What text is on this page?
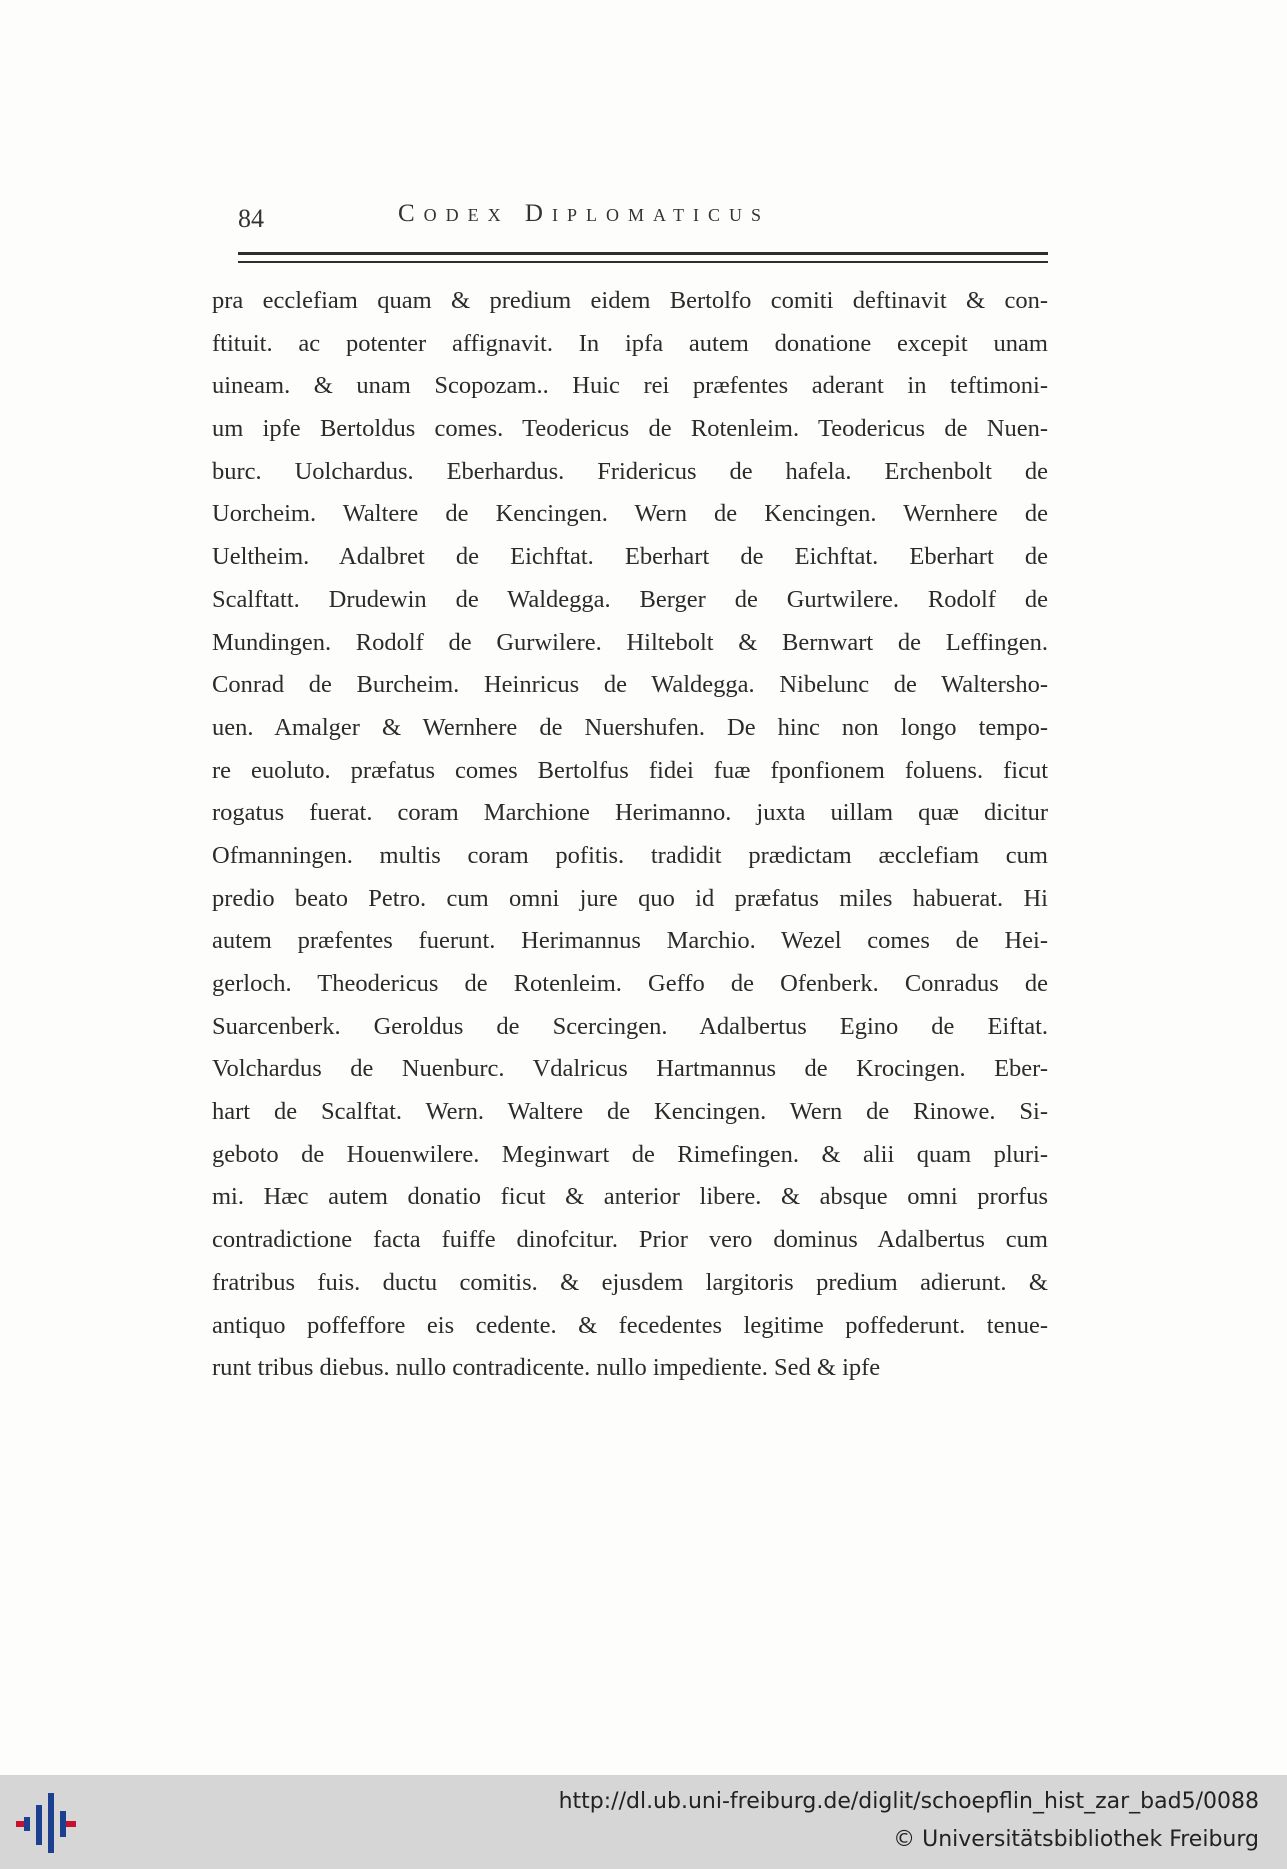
84	Codex Diplomaticus
pra ecclefiam quam & predium eidem Bertolfo comiti deftinavit & con-
ftituit. ac potenter affignavit. In ipfa autem donatione excepit unam
uineam. & unam Scopozam.. Huic rei præfentes aderant in teftimoni-
um ipfe Bertoldus comes. Teodericus de Rotenleim. Teodericus de Nuen-
burc. Uolchardus. Eberhardus. Fridericus de hafela. Erchenbolt de
Uorcheim. Waltere de Kencingen. Wern de Kencingen. Wernhere de
Ueltheim. Adalbret de Eichftat. Eberhart de Eichftat. Eberhart de
Scalftatt. Drudewin de Waldegga. Berger de Gurtwilere. Rodolf de
Mundingen. Rodolf de Gurwilere. Hiltebolt & Bernwart de Leffingen.
Conrad de Burcheim. Heinricus de Waldegga. Nibelunc de Waltersho-
uen. Amalger & Wernhere de Nuershufen. De hinc non longo tempo-
re euoluto. præfatus comes Bertolfus fidei fuæ fponfionem foluens. ficut
rogatus fuerat. coram Marchione Herimanno. juxta uillam quæ dicitur
Ofmanningen. multis coram pofitis. tradidit prædictam æcclefiam cum
predio beato Petro. cum omni jure quo id præfatus miles habuerat. Hi
autem præfentes fuerunt. Herimannus Marchio. Wezel comes de Hei-
gerloch. Theodericus de Rotenleim. Geffo de Ofenberk. Conradus de
Suarcenberk. Geroldus de Scercingen. Adalbertus Egino de Eiftat.
Volchardus de Nuenburc. Vdalricus Hartmannus de Krocingen. Eber-
hart de Scalftat. Wern. Waltere de Kencingen. Wern de Rinowe. Si-
geboto de Houenwilere. Meginwart de Rimefingen. & alii quam pluri-
mi. Hæc autem donatio ficut & anterior libere. & absque omni prorfus
contradictione facta fuiffe dinofcitur. Prior vero dominus Adalbertus cum
fratribus fuis. ductu comitis. & ejusdem largitoris predium adierunt. &
antiquo poffeffore eis cedente. & fecedentes legitime poffederunt. tenue-
runt tribus diebus. nullo contradicente. nullo impediente. Sed & ipfe
http://dl.ub.uni-freiburg.de/diglit/schoepflin_hist_zar_bad5/0088
© Universitätsbibliothek Freiburg
